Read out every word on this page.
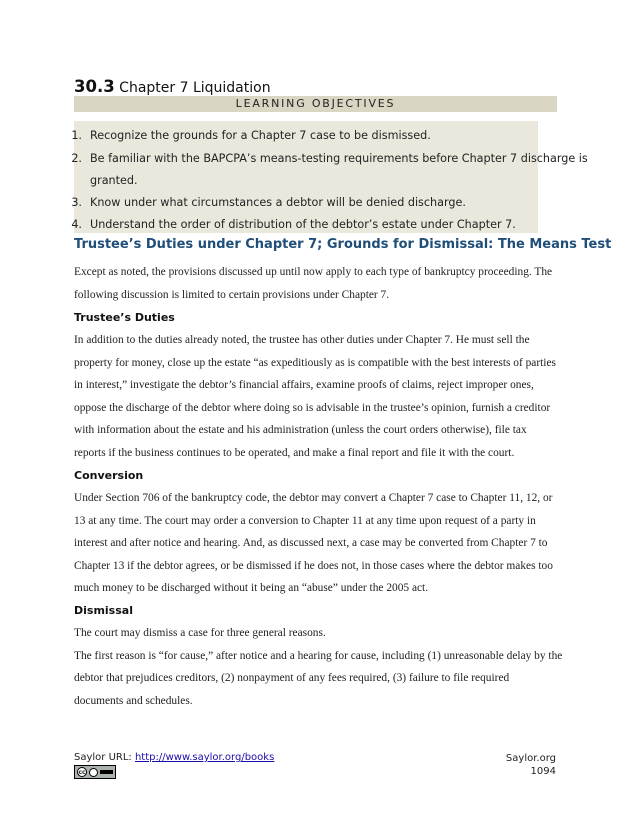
30.3 Chapter 7 Liquidation
LEARNING OBJECTIVES
1. Recognize the grounds for a Chapter 7 case to be dismissed.
2. Be familiar with the BAPCPA’s means-testing requirements before Chapter 7 discharge is
granted.
3. Know under what circumstances a debtor will be denied discharge.
4. Understand the order of distribution of the debtor’s estate under Chapter 7.
Trustee’s Duties under Chapter 7; Grounds for Dismissal: The Means Test

Except as noted, the provisions discussed up until now apply to each type of bankruptcy proceeding. The

following discussion is limited to certain provisions under Chapter 7.

Trustee’s Duties

In addition to the duties already noted, the trustee has other duties under Chapter 7. He must sell the

property for money, close up the estate “as expeditiously as is compatible with the best interests of parties

in interest,” investigate the debtor’s financial affairs, examine proofs of claims, reject improper ones,

oppose the discharge of the debtor where doing so is advisable in the trustee’s opinion, furnish a creditor

with information about the estate and his administration (unless the court orders otherwise), file tax

reports if the business continues to be operated, and make a final report and file it with the court.

Conversion

Under Section 706 of the bankruptcy code, the debtor may convert a Chapter 7 case to Chapter 11, 12, or

13 at any time. The court may order a conversion to Chapter 11 at any time upon request of a party in

interest and after notice and hearing. And, as discussed next, a case may be converted from Chapter 7 to

Chapter 13 if the debtor agrees, or be dismissed if he does not, in those cases where the debtor makes too

much money to be discharged without it being an “abuse” under the 2005 act.

Dismissal

The court may dismiss a case for three general reasons.

The first reason is “for cause,” after notice and a hearing for cause, including (1) unreasonable delay by the

debtor that prejudices creditors, (2) nonpayment of any fees required, (3) failure to file required

documents and schedules.

Saylor URL: http://www.saylor.org/books
cc
Saylor.org
1094
